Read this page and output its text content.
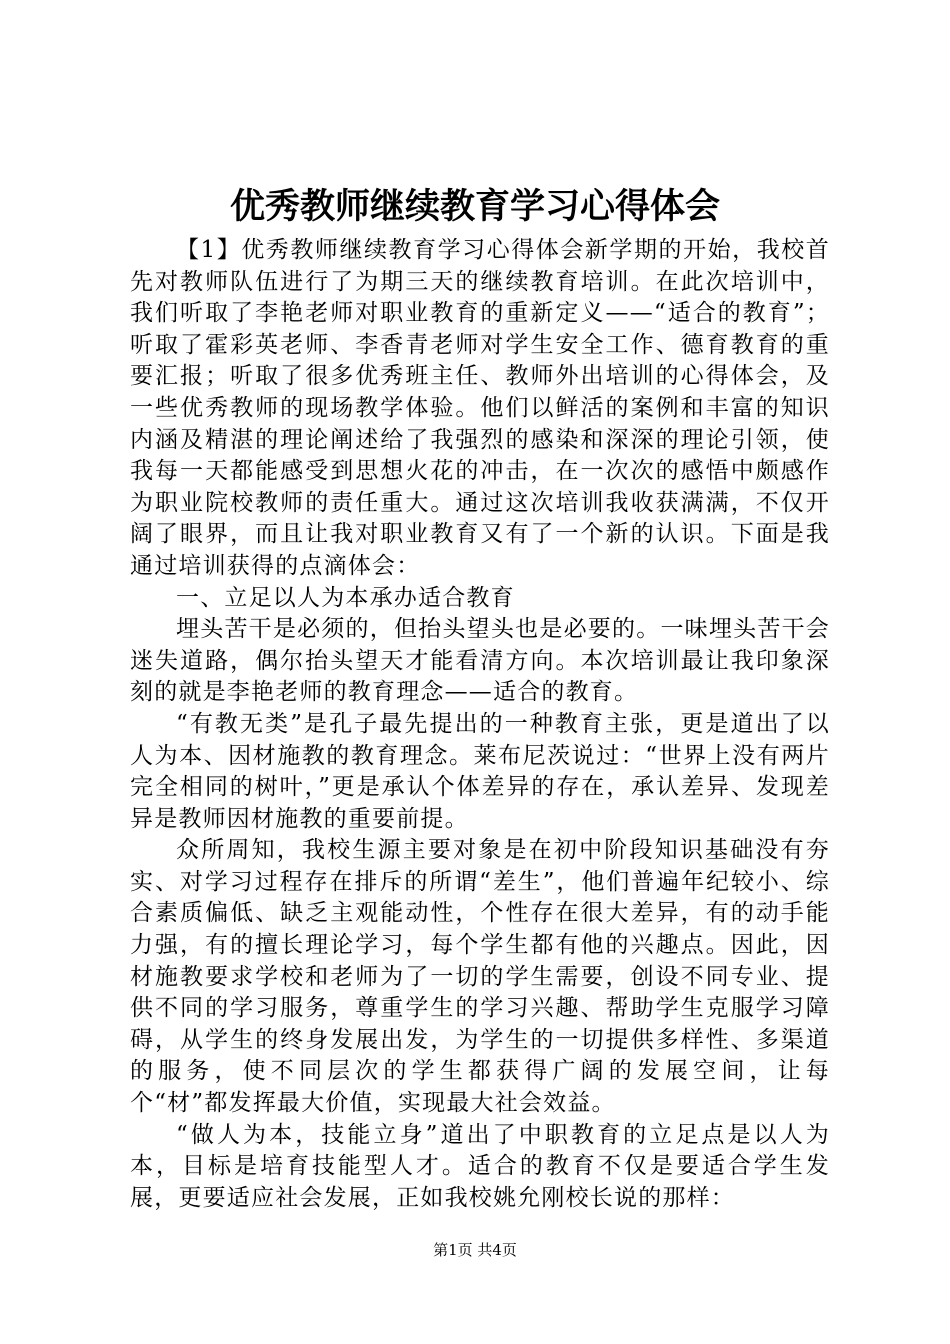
优秀教师继续教育学习心得体会

【1】优秀教师继续教育学习心得体会新学期的开始，我校首先对教师队伍进行了为期三天的继续教育培训。在此次培训中，我们听取了李艳老师对职业教育的重新定义——“适合的教育”；听取了霍彩英老师、李香青老师对学生安全工作、德育教育的重要汇报；听取了很多优秀班主任、教师外出培训的心得体会，及一些优秀教师的现场教学体验。他们以鲜活的案例和丰富的知识内涵及精湛的理论阐述给了我强烈的感染和深深的理论引领，使我每一天都能感受到思想火花的冲击，在一次次的感悟中颇感作为职业院校教师的责任重大。通过这次培训我收获满满，不仅开阔了眼界，而且让我对职业教育又有了一个新的认识。下面是我通过培训获得的点滴体会：

一、立足以人为本承办适合教育

埋头苦干是必须的，但抬头望头也是必要的。一味埋头苦干会迷失道路，偶尔抬头望天才能看清方向。本次培训最让我印象深刻的就是李艳老师的教育理念——适合的教育。

“有教无类”是孔子最先提出的一种教育主张，更是道出了以人为本、因材施教的教育理念。莱布尼茨说过：“世界上没有两片完全相同的树叶，”更是承认个体差异的存在，承认差异、发现差异是教师因材施教的重要前提。

众所周知，我校生源主要对象是在初中阶段知识基础没有夯实、对学习过程存在排斥的所谓“差生”，他们普遍年纪较小、综合素质偏低、缺乏主观能动性，个性存在很大差异，有的动手能力强，有的擅长理论学习，每个学生都有他的兴趣点。因此，因材施教要求学校和老师为了一切的学生需要，创设不同专业、提供不同的学习服务，尊重学生的学习兴趣、帮助学生克服学习障碍，从学生的终身发展出发，为学生的一切提供多样性、多渠道的服务，使不同层次的学生都获得广阔的发展空间，让每个“材”都发挥最大价值，实现最大社会效益。

“做人为本，技能立身”道出了中职教育的立足点是以人为本，目标是培育技能型人才。适合的教育不仅是要适合学生发展，更要适应社会发展，正如我校姚允刚校长说的那样：

第1页 共4页
